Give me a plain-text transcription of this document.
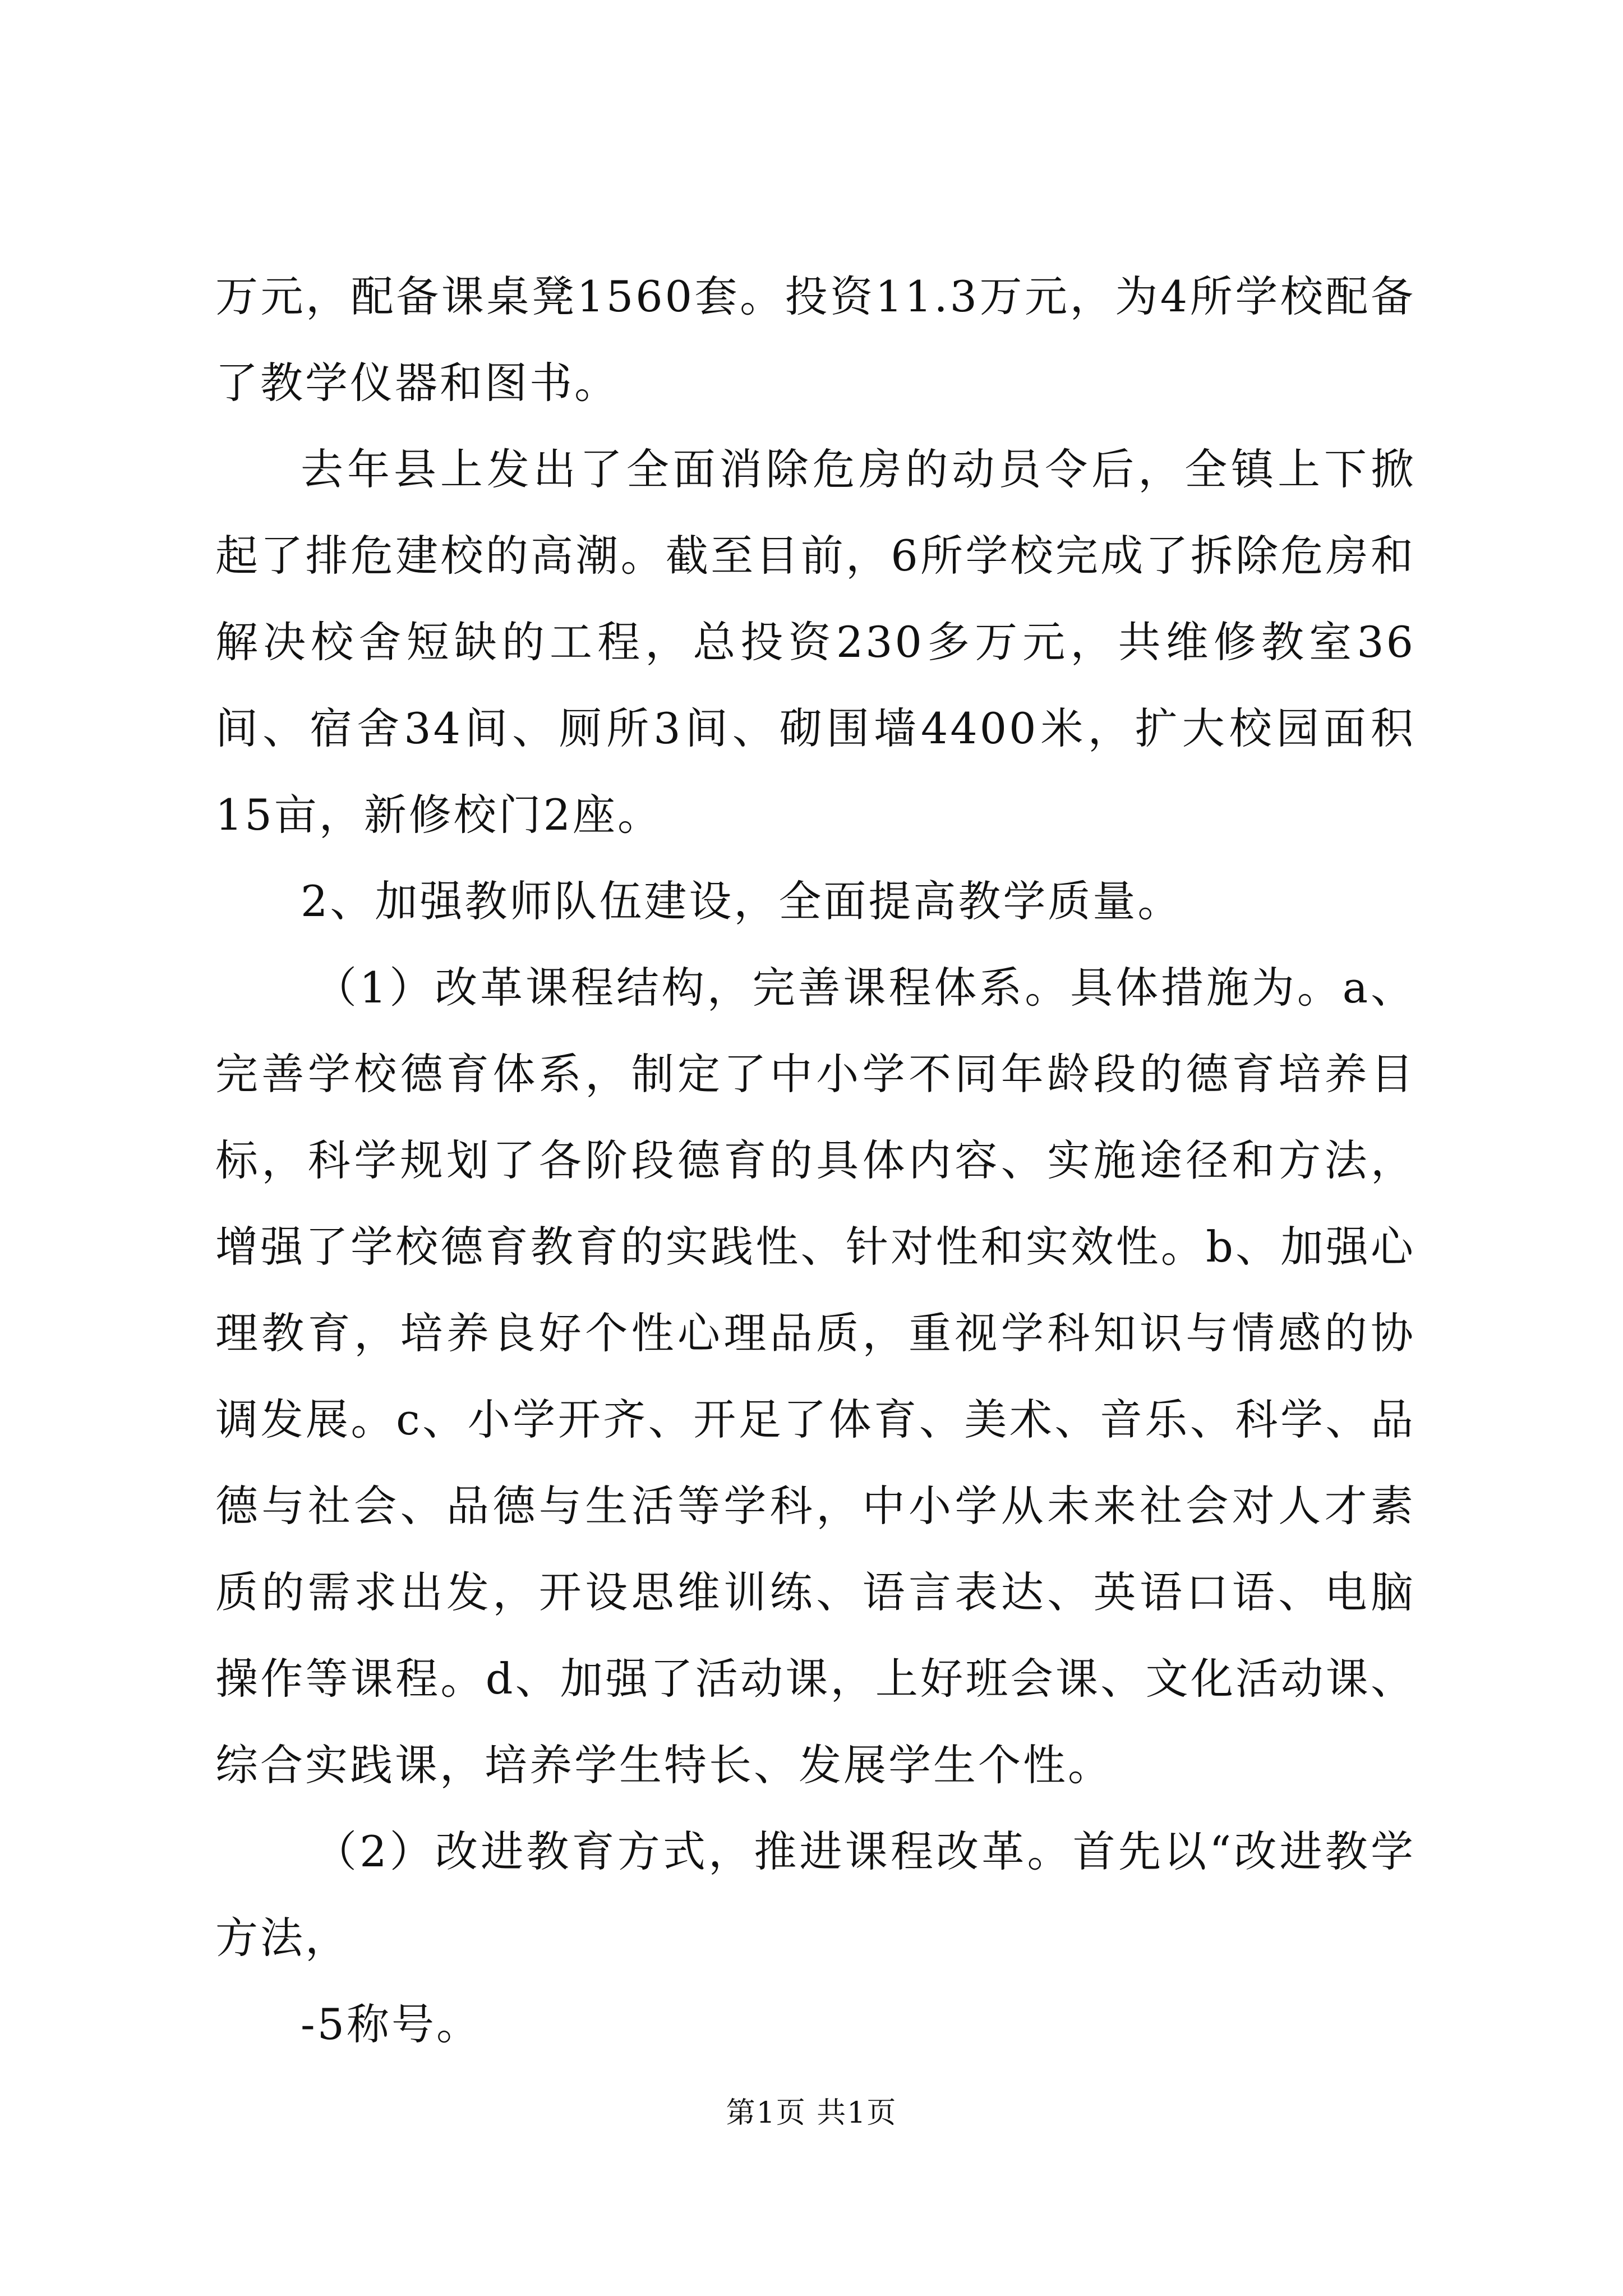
万元，配备课桌凳1560套。投资11.3万元，为4所学校配备了教学仪器和图书。

去年县上发出了全面消除危房的动员令后，全镇上下掀起了排危建校的高潮。截至目前，6所学校完成了拆除危房和解决校舍短缺的工程，总投资230多万元，共维修教室36间、宿舍34间、厕所3间、砌围墙4400米，扩大校园面积15亩，新修校门2座。

2、加强教师队伍建设，全面提高教学质量。

（1）改革课程结构，完善课程体系。具体措施为。a、完善学校德育体系，制定了中小学不同年龄段的德育培养目标，科学规划了各阶段德育的具体内容、实施途径和方法，增强了学校德育教育的实践性、针对性和实效性。b、加强心理教育，培养良好个性心理品质，重视学科知识与情感的协调发展。c、小学开齐、开足了体育、美术、音乐、科学、品德与社会、品德与生活等学科，中小学从未来社会对人才素质的需求出发，开设思维训练、语言表达、英语口语、电脑操作等课程。d、加强了活动课，上好班会课、文化活动课、综合实践课，培养学生特长、发展学生个性。

（2）改进教育方式，推进课程改革。首先以“改进教学方法，

-5称号。

第1页 共1页
